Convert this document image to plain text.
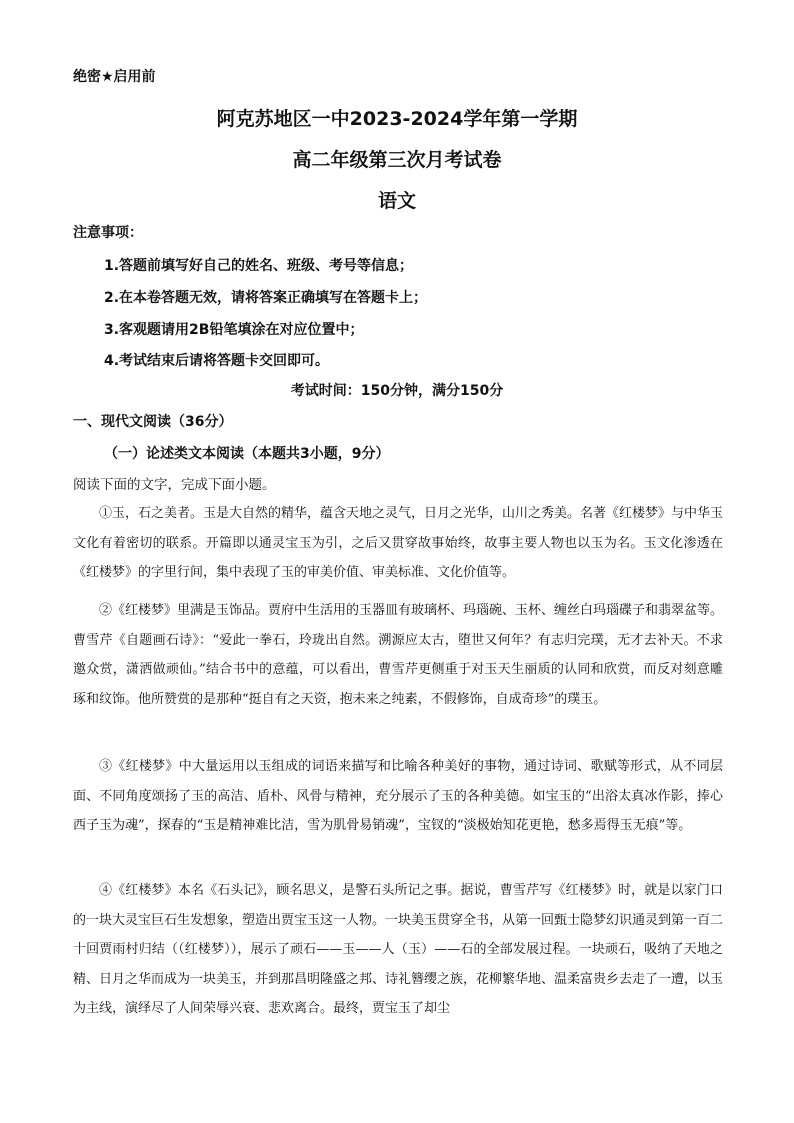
绝密★启用前
阿克苏地区一中2023-2024学年第一学期
高二年级第三次月考试卷
语文
注意事项：
1.答题前填写好自己的姓名、班级、考号等信息；
2.在本卷答题无效，请将答案正确填写在答题卡上；
3.客观题请用2B铅笔填涂在对应位置中；
4.考试结束后请将答题卡交回即可。
考试时间：150分钟，满分150分
一、现代文阅读（36分）
（一）论述类文本阅读（本题共3小题，9分）
阅读下面的文字，完成下面小题。
①玉，石之美者。玉是大自然的精华，蕴含天地之灵气，日月之光华，山川之秀美。名著《红楼梦》与中华玉文化有着密切的联系。开篇即以通灵宝玉为引，之后又贯穿故事始终，故事主要人物也以玉为名。玉文化渗透在《红楼梦》的字里行间，集中表现了玉的审美价值、审美标准、文化价值等。
②《红楼梦》里满是玉饰品。贾府中生活用的玉器皿有玻璃杯、玛瑙碗、玉杯、缠丝白玛瑙碟子和翡翠盆等。曹雪芹《自题画石诗》：“爱此一拳石，玲珑出自然。溯源应太古，堕世又何年？有志归完璞，无才去补天。不求邀众赏，潇洒做顽仙。”结合书中的意蕴，可以看出，曹雪芹更侧重于对玉天生丽质的认同和欣赏，而反对刻意雕琢和纹饰。他所赞赏的是那种“挺自有之天资，抱未来之纯素，不假修饰，自成奇珍”的璞玉。
③《红楼梦》中大量运用以玉组成的词语来描写和比喻各种美好的事物，通过诗词、歌赋等形式，从不同层面、不同角度颂扬了玉的高洁、盾朴、风骨与精神，充分展示了玉的各种美德。如宝玉的“出浴太真冰作影，捧心西子玉为魂”，探春的“玉是精神难比洁，雪为肌骨易销魂”，宝钗的“淡极始知花更艳，愁多焉得玉无痕”等。
④《红楼梦》本名《石头记》，顾名思义，是警石头所记之事。据说，曹雪芹写《红楼梦》时，就是以家门口的一块大灵宝巨石生发想象，塑造出贾宝玉这一人物。一块美玉贯穿全书，从第一回甄士隐梦幻识通灵到第一百二十回贾雨村归结（（红楼梦）），展示了顽石——玉——人（玉）——石的全部发展过程。一块顽石，吸纳了天地之精、日月之华而成为一块美玉，并到那昌明隆盛之邦、诗礼簪缨之族，花柳繁华地、温柔富贵乡去走了一遭，以玉为主线，演绎尽了人间荣辱兴衰、悲欢离合。最终，贾宝玉了却尘
